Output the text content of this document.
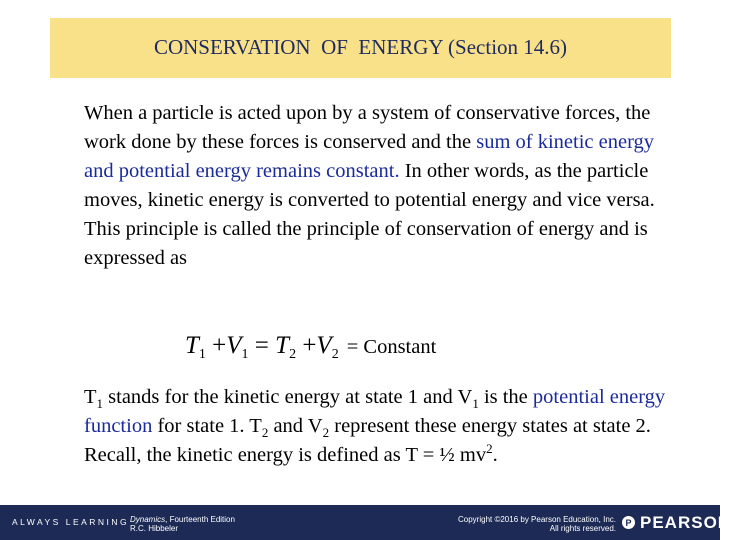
CONSERVATION  OF  ENERGY (Section 14.6)

When a particle is acted upon by a system of conservative forces, the work done by these forces is conserved and the sum of kinetic energy and potential energy remains constant. In other words, as the particle moves, kinetic energy is converted to potential energy and vice versa. This principle is called the principle of conservation of energy and is expressed as

$T_1 +V_1 = T_2 +V_2$ = Constant

$T_1$ stands for the kinetic energy at state 1 and $V_1$ is the potential energy function for state 1. $T_2$ and $V_2$ represent these energy states at state 2. Recall, the kinetic energy is defined as T = ½ $mv^2$.

ALWAYS LEARNING Dynamics, Fourteenth Edition
R.C. Hibbeler
Copyright ©2016 by Pearson Education, Inc.
All rights reserved.
P PEARSON
